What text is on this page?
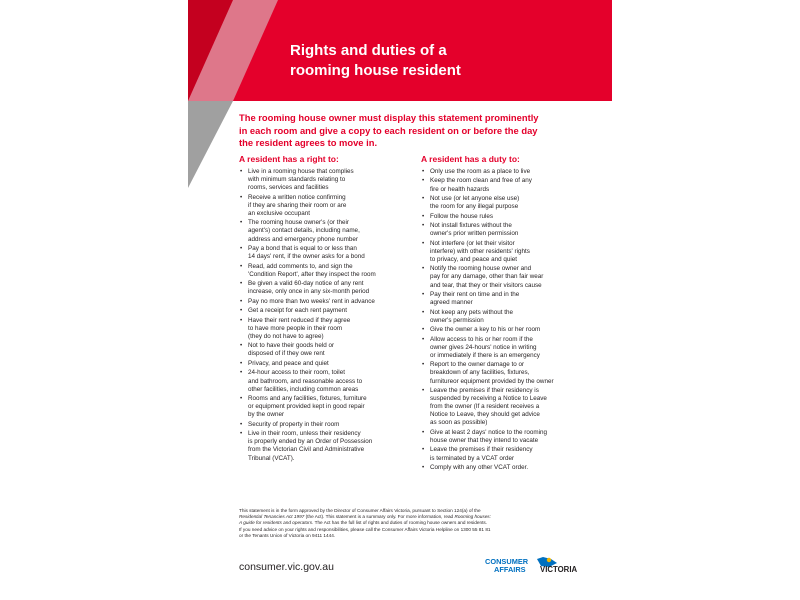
Rights and duties of a
rooming house resident

The rooming house owner must display this statement prominently
in each room and give a copy to each resident on or before the day
the resident agrees to move in.

A resident has a right to:
• Live in a rooming house that complies
with minimum standards relating to
rooms, services and facilities
• Receive a written notice confirming
if they are sharing their room or are
an exclusive occupant
• The rooming house owner's (or their
agent's) contact details, including name,
address and emergency phone number
• Pay a bond that is equal to or less than
14 days' rent, if the owner asks for a bond
• Read, add comments to, and sign the
'Condition Report', after they inspect the room
• Be given a valid 60-day notice of any rent
increase, only once in any six-month period
• Pay no more than two weeks' rent in advance
• Get a receipt for each rent payment
• Have their rent reduced if they agree
to have more people in their room
(they do not have to agree)
• Not to have their goods held or
disposed of if they owe rent
• Privacy, and peace and quiet
• 24-hour access to their room, toilet
and bathroom, and reasonable access to
other facilities, including common areas
• Rooms and any facilities, fixtures, furniture
or equipment provided kept in good repair
by the owner
• Security of property in their room
• Live in their room, unless their residency
is properly ended by an Order of Possession
from the Victorian Civil and Administrative
Tribunal (VCAT).
A resident has a duty to:
• Only use the room as a place to live
• Keep the room clean and free of any
fire or health hazards
• Not use (or let anyone else use)
the room for any illegal purpose
• Follow the house rules
• Not install fixtures without the
owner's prior written permission
• Not interfere (or let their visitor
interfere) with other residents' rights
to privacy, and peace and quiet
• Notify the rooming house owner and
pay for any damage, other than fair wear
and tear, that they or their visitors cause
• Pay their rent on time and in the
agreed manner
• Not keep any pets without the
owner's permission
• Give the owner a key to his or her room
• Allow access to his or her room if the
owner gives 24-hours' notice in writing
or immediately if there is an emergency
• Report to the owner damage to or
breakdown of any facilities, fixtures,
furnitureor equipment provided by the owner
• Leave the premises if their residency is
suspended by receiving a Notice to Leave
from the owner (If a resident receives a
Notice to Leave, they should get advice
as soon as possible)
• Give at least 2 days' notice to the rooming
house owner that they intend to vacate
• Leave the premises if their residency
is terminated by a VCAT order
• Comply with any other VCAT order.

This statement is in the form approved by the Director of Consumer Affairs Victoria, pursuant to Section 124(a) of the
Residential Tenancies Act 1997 (the Act). This statement is a summary only. For more information, read Rooming houses:
A guide for residents and operators. The Act has the full list of rights and duties of rooming house owners and residents.

If you need advice on your rights and responsibilities, please call the Consumer Affairs Victoria Helpline on 1300 55 81 81
or the Tenants Union of Victoria on 9411 1444.

consumer.vic.gov.au	CONSUMER
AFFAIRS VICTORIA
